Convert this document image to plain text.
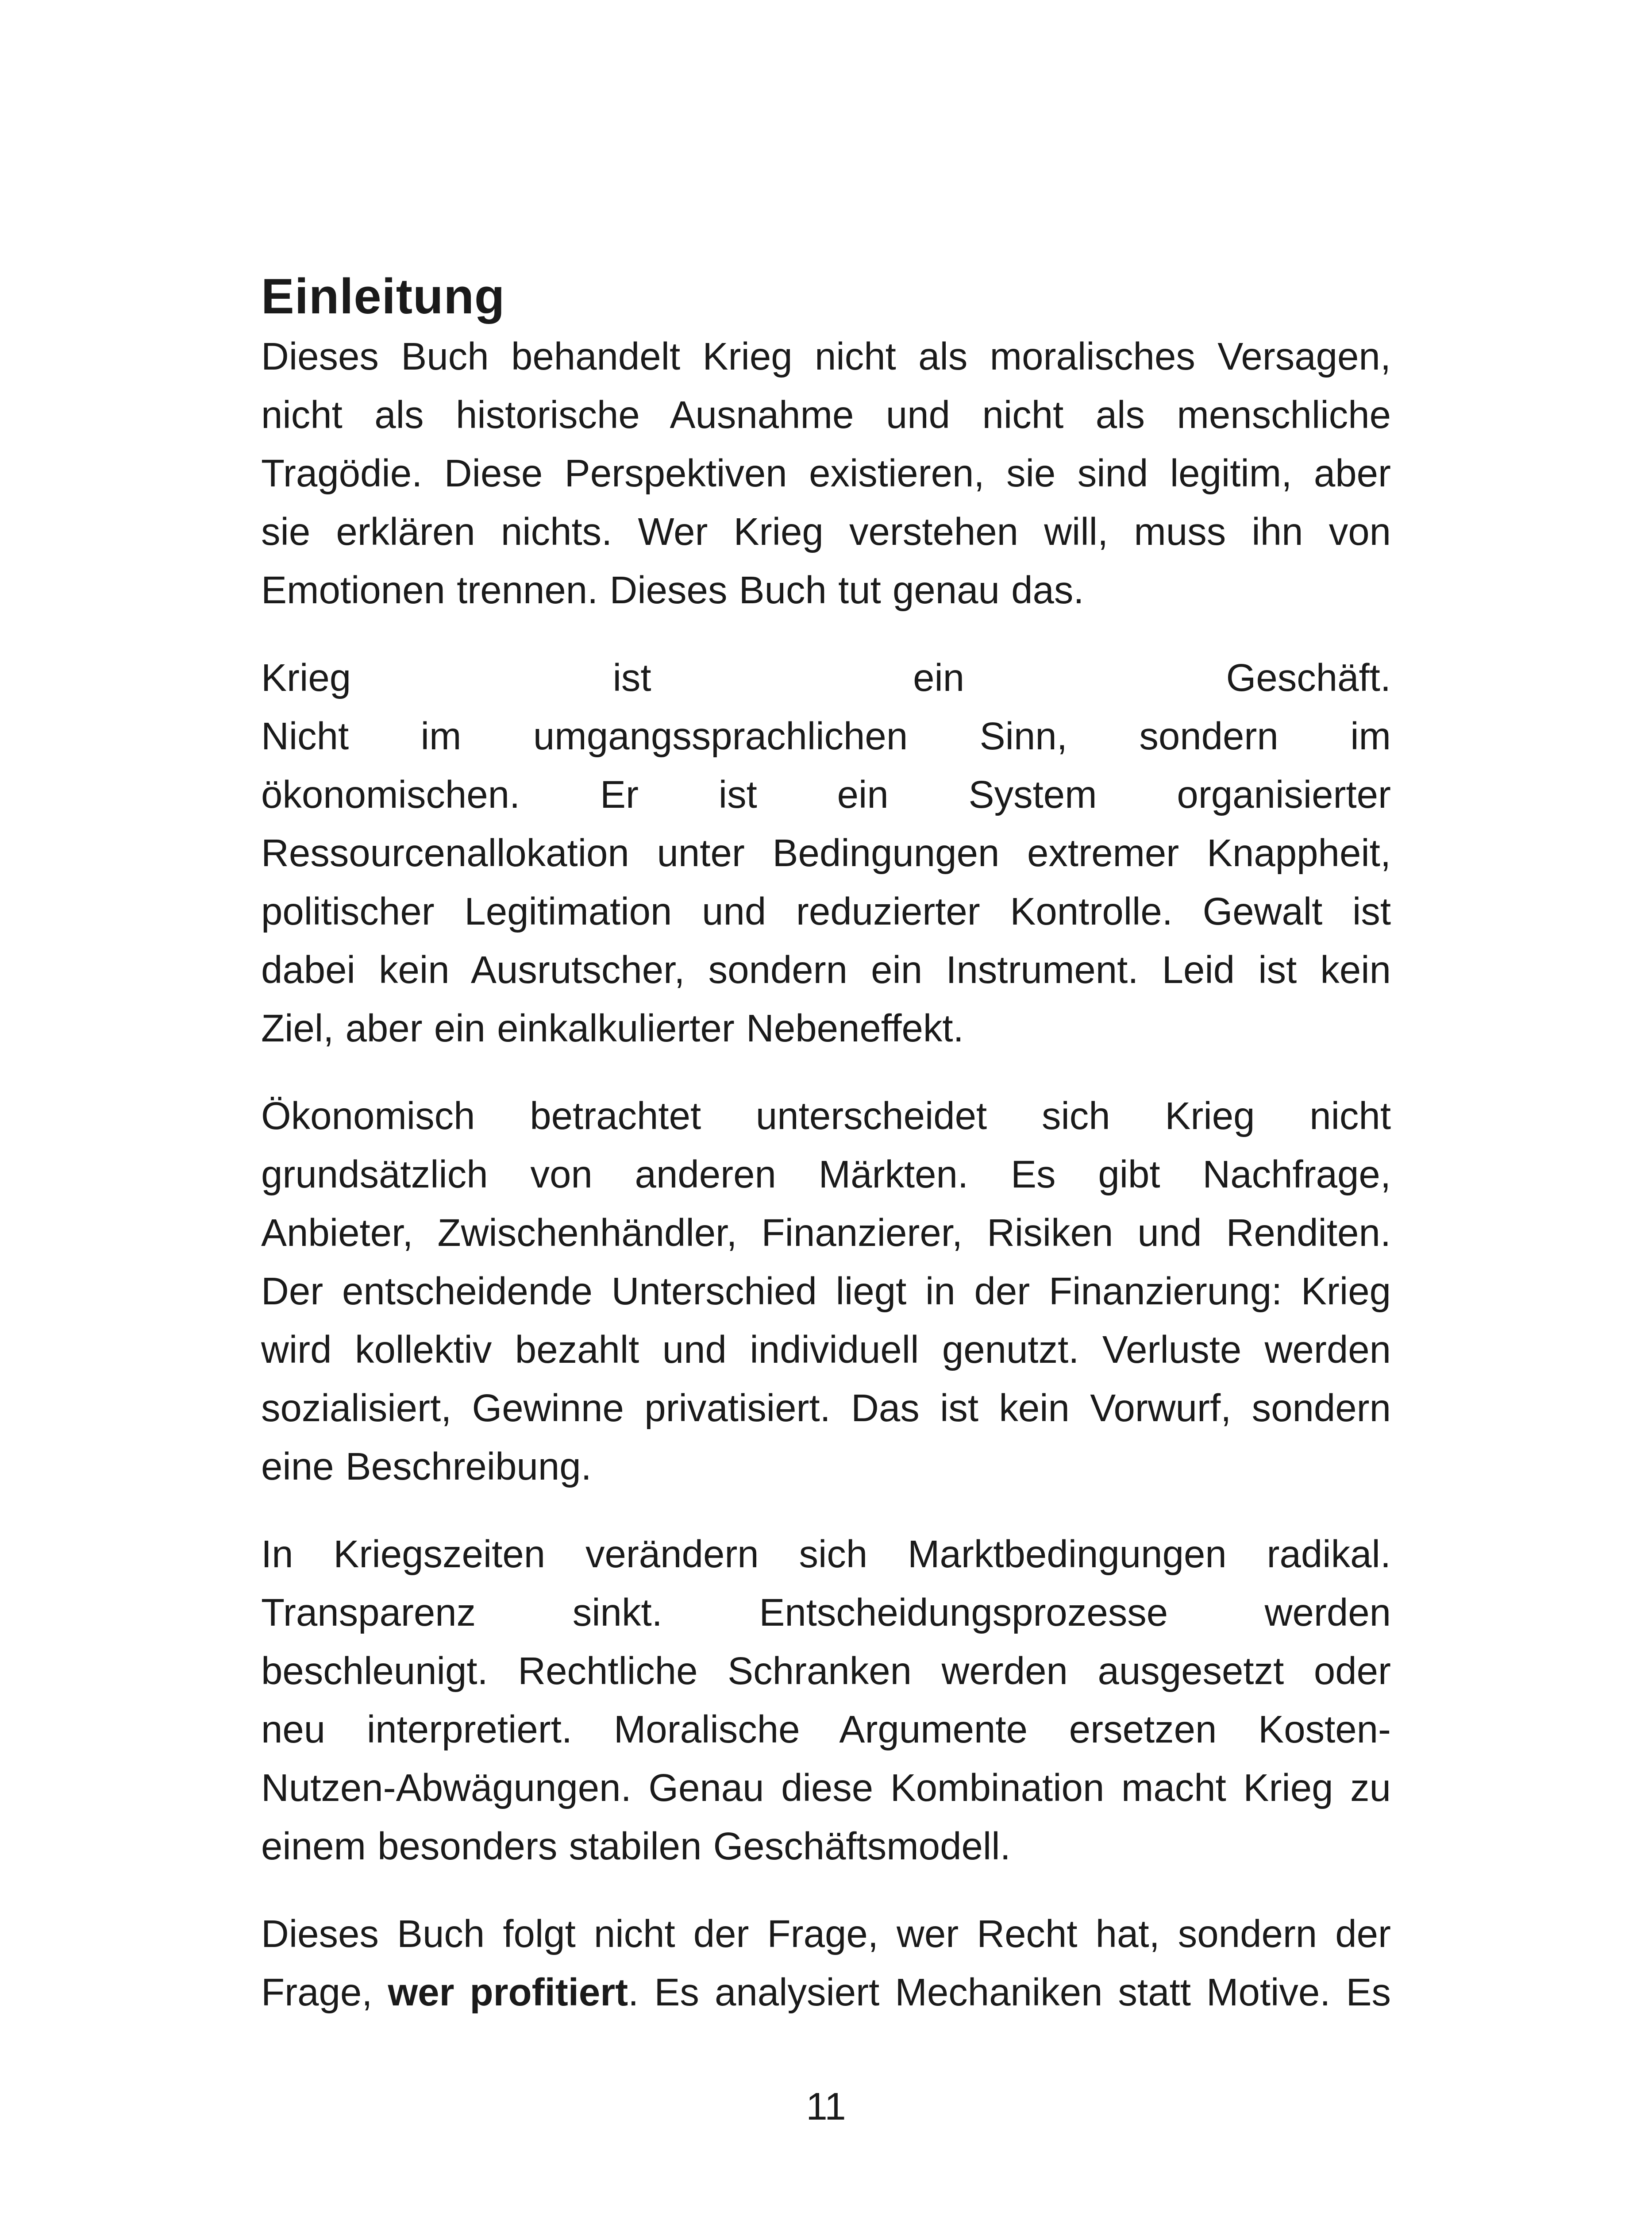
Einleitung
Dieses Buch behandelt Krieg nicht als moralisches Versagen,
nicht als historische Ausnahme und nicht als menschliche
Tragödie. Diese Perspektiven existieren, sie sind legitim, aber
sie erklären nichts. Wer Krieg verstehen will, muss ihn von
Emotionen trennen. Dieses Buch tut genau das.
Krieg ist ein Geschäft.
Nicht im umgangssprachlichen Sinn, sondern im
ökonomischen. Er ist ein System organisierter
Ressourcenallokation unter Bedingungen extremer Knappheit,
politischer Legitimation und reduzierter Kontrolle. Gewalt ist
dabei kein Ausrutscher, sondern ein Instrument. Leid ist kein
Ziel, aber ein einkalkulierter Nebeneffekt.
Ökonomisch betrachtet unterscheidet sich Krieg nicht
grundsätzlich von anderen Märkten. Es gibt Nachfrage,
Anbieter, Zwischenhändler, Finanzierer, Risiken und Renditen.
Der entscheidende Unterschied liegt in der Finanzierung: Krieg
wird kollektiv bezahlt und individuell genutzt. Verluste werden
sozialisiert, Gewinne privatisiert. Das ist kein Vorwurf, sondern
eine Beschreibung.
In Kriegszeiten verändern sich Marktbedingungen radikal.
Transparenz sinkt. Entscheidungsprozesse werden
beschleunigt. Rechtliche Schranken werden ausgesetzt oder
neu interpretiert. Moralische Argumente ersetzen Kosten-
Nutzen-Abwägungen. Genau diese Kombination macht Krieg zu
einem besonders stabilen Geschäftsmodell.
Dieses Buch folgt nicht der Frage, wer Recht hat, sondern der
Frage, wer profitiert. Es analysiert Mechaniken statt Motive. Es
11
